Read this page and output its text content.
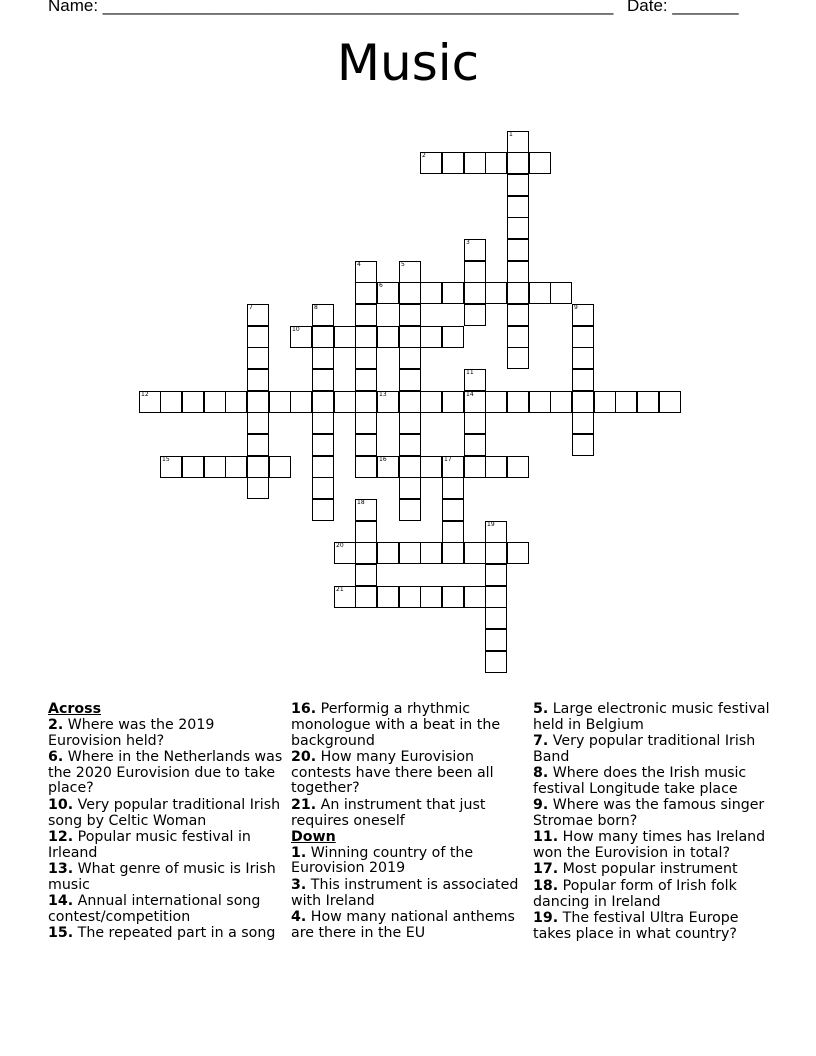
Name: ______________________________________________________ Date: _______
Music
2
6
10
12	13	14
15	16	17
20
21
1
3
4	5
7	8	9
11
18
19
Across
2. Where was the 2019 Eurovision held?
6. Where in the Netherlands was the 2020 Eurovision due to take place?
10. Very popular traditional Irish song by Celtic Woman
12. Popular music festival in Irleand
13. What genre of music is Irish music
14. Annual international song contest/competition
15. The repeated part in a song
16. Performig a rhythmic monologue with a beat in the background
20. How many Eurovision contests have there been all together?
21. An instrument that just requires oneself
Down
1. Winning country of the Eurovision 2019
3. This instrument is associated with Ireland
4. How many national anthems are there in the EU
5. Large electronic music festival held in Belgium
7. Very popular traditional Irish Band
8. Where does the Irish music festival Longitude take place
9. Where was the famous singer Stromae born?
11. How many times has Ireland won the Eurovision in total?
17. Most popular instrument
18. Popular form of Irish folk dancing in Ireland
19. The festival Ultra Europe takes place in what country?
